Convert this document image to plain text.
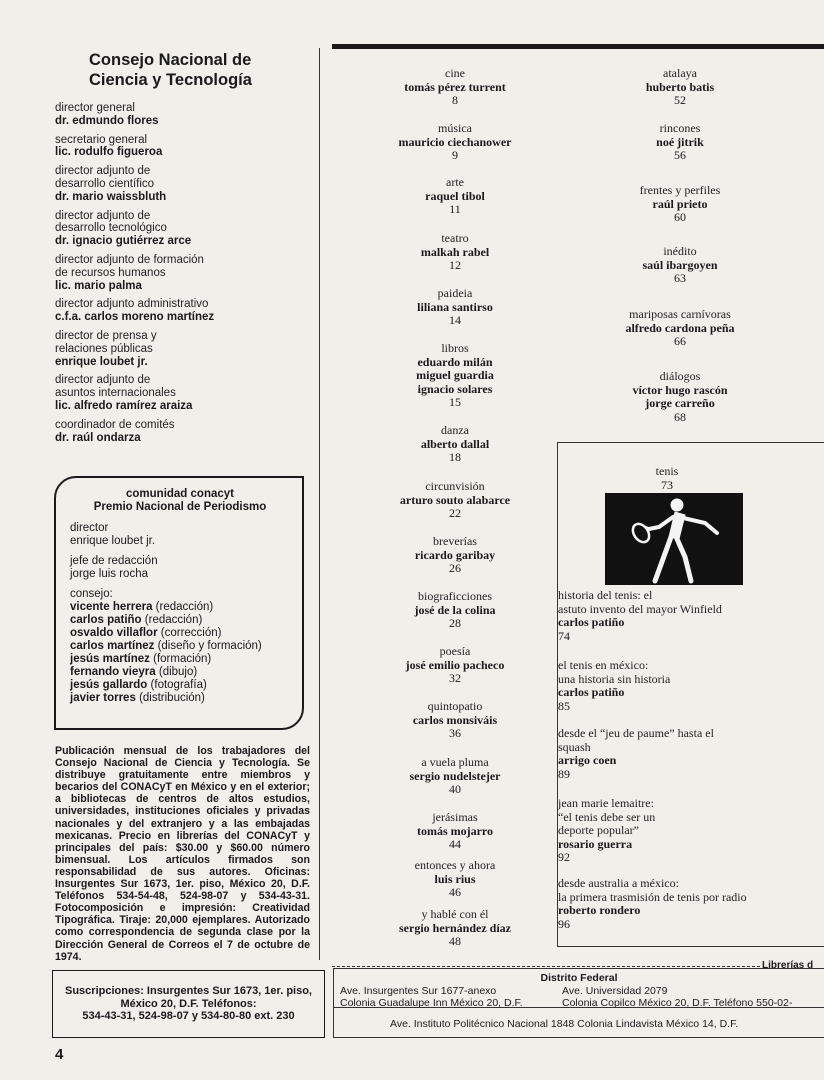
Consejo Nacional de
Ciencia y Tecnología
director general
dr. edmundo flores
secretario general
lic. rodulfo figueroa
director adjunto de
desarrollo científico
dr. mario waissbluth
director adjunto de
desarrollo tecnológico
dr. ignacio gutiérrez arce
director adjunto de formación
de recursos humanos
lic. mario palma
director adjunto administrativo
c.f.a. carlos moreno martínez
director de prensa y
relaciones públicas
enrique loubet jr.
director adjunto de
asuntos internacionales
lic. alfredo ramírez araiza
coordinador de comités
dr. raúl ondarza
comunidad conacyt
Premio Nacional de Periodismo
director
enrique loubet jr.
jefe de redacción
jorge luis rocha
consejo:
vicente herrera (redacción)
carlos patiño (redacción)
osvaldo villaflor (corrección)
carlos martínez (diseño y formación)
jesús martínez (formación)
fernando vieyra (dibujo)
jesús gallardo (fotografía)
javier torres (distribución)
Publicación mensual de los trabajadores del Consejo Nacional de Ciencia y Tecnología. Se distribuye gratuitamente entre miembros y becarios del CONACyT en México y en el exterior; a bibliotecas de centros de altos estudios, universidades, instituciones oficiales y privadas nacionales y del extranjero y a las embajadas mexicanas. Precio en librerías del CONACyT y principales del país: $30.00 y $60.00 número bimensual. Los artículos firmados son responsabilidad de sus autores. Oficinas: Insurgentes Sur 1673, 1er. piso, México 20, D.F. Teléfonos 534-54-48, 524-98-07 y 534-43-31. Fotocomposición e impresión: Creatividad Tipográfica. Tiraje: 20,000 ejemplares. Autorizado como correspondencia de segunda clase por la Dirección General de Correos el 7 de octubre de 1974.
Suscripciones: Insurgentes Sur 1673, 1er. piso,
México 20, D.F. Teléfonos:
534-43-31, 524-98-07 y 534-80-80 ext. 230
4
cine
tomás pérez turrent
8
música
mauricio ciechanower
9
arte
raquel tibol
11
teatro
malkah rabel
12
paideia
liliana santirso
14
libros
eduardo milán
miguel guardia
ignacio solares
15
danza
alberto dallal
18
circunvisión
arturo souto alabarce
22
breverías
ricardo garibay
26
biograficciones
josé de la colina
28
poesía
josé emilio pacheco
32
quintopatio
carlos monsiváis
36
a vuela pluma
sergio nudelstejer
40
jerásimas
tomás mojarro
44
entonces y ahora
luis rius
46
y hablé con él
sergio hernández díaz
48
atalaya
huberto batis
52
rincones
noé jitrik
56
frentes y perfiles
raúl prieto
60
inédito
saúl ibargoyen
63
mariposas carnívoras
alfredo cardona peña
66
diálogos
víctor hugo rascón
jorge carreño
68
tenis
73
historia del tenis: el
astuto invento del mayor Winfield
carlos patiño
74
el tenis en méxico:
una historia sin historia
carlos patiño
85
desde el “jeu de paume” hasta el
squash
arrigo coen
89
jean marie lemaitre:
“el tenis debe ser un
deporte popular”
rosario guerra
92
desde australia a méxico:
la primera trasmisión de tenis por radio
roberto rondero
96
Librerías d
Distrito Federal
Ave. Insurgentes Sur 1677-anexo
Colonia Guadalupe Inn México 20, D.F.
Ave. Universidad 2079
Colonia Copilco México 20, D.F. Teléfono 550-02-
Ave. Instituto Politécnico Nacional 1848 Colonia Lindavista México 14, D.F.
